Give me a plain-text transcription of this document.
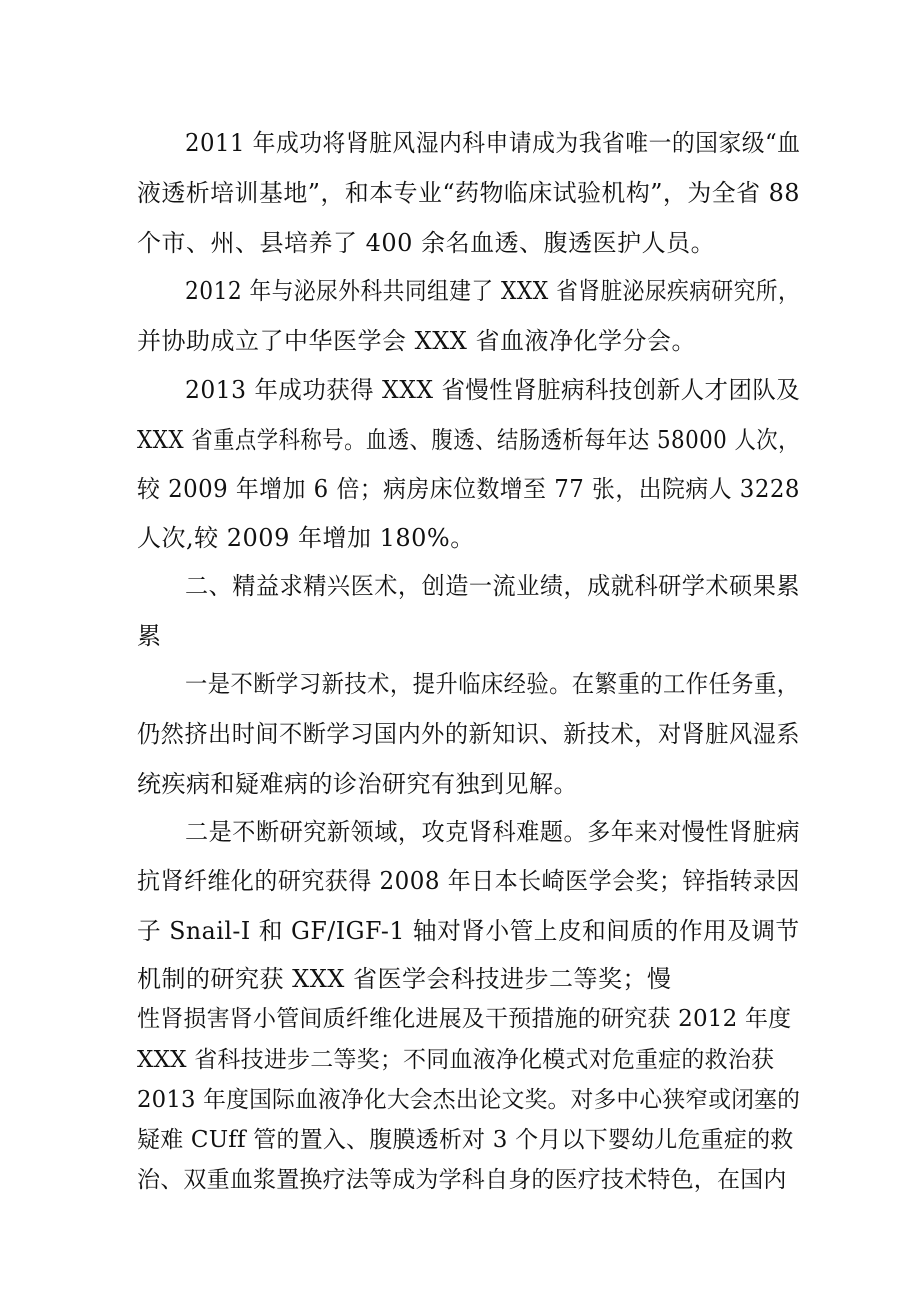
2011 年成功将肾脏风湿内科申请成为我省唯一的国家级“血
液透析培训基地”，和本专业“药物临床试验机构”，为全省 88
个市、州、县培养了 400 余名血透、腹透医护人员。
2012 年与泌尿外科共同组建了 XXX 省肾脏泌尿疾病研究所，
并协助成立了中华医学会 XXX 省血液净化学分会。
2013 年成功获得 XXX 省慢性肾脏病科技创新人才团队及
XXX 省重点学科称号。血透、腹透、结肠透析每年达 58000 人次，
较 2009 年增加 6 倍；病房床位数增至 77 张，出院病人 3228
人次,较 2009 年增加 180%。
二、精益求精兴医术，创造一流业绩，成就科研学术硕果累
累
一是不断学习新技术，提升临床经验。在繁重的工作任务重，
仍然挤出时间不断学习国内外的新知识、新技术，对肾脏风湿系
统疾病和疑难病的诊治研究有独到见解。
二是不断研究新领域，攻克肾科难题。多年来对慢性肾脏病
抗肾纤维化的研究获得 2008 年日本长崎医学会奖；锌指转录因
子 Snail-I 和 GF/IGF-1 轴对肾小管上皮和间质的作用及调节
机制的研究获 XXX 省医学会科技进步二等奖；慢
性肾损害肾小管间质纤维化进展及干预措施的研究获 2012 年度
XXX 省科技进步二等奖；不同血液净化模式对危重症的救治获
2013 年度国际血液净化大会杰出论文奖。对多中心狭窄或闭塞的
疑难 CUff 管的置入、腹膜透析对 3 个月以下婴幼儿危重症的救
治、双重血浆置换疗法等成为学科自身的医疗技术特色，在国内
